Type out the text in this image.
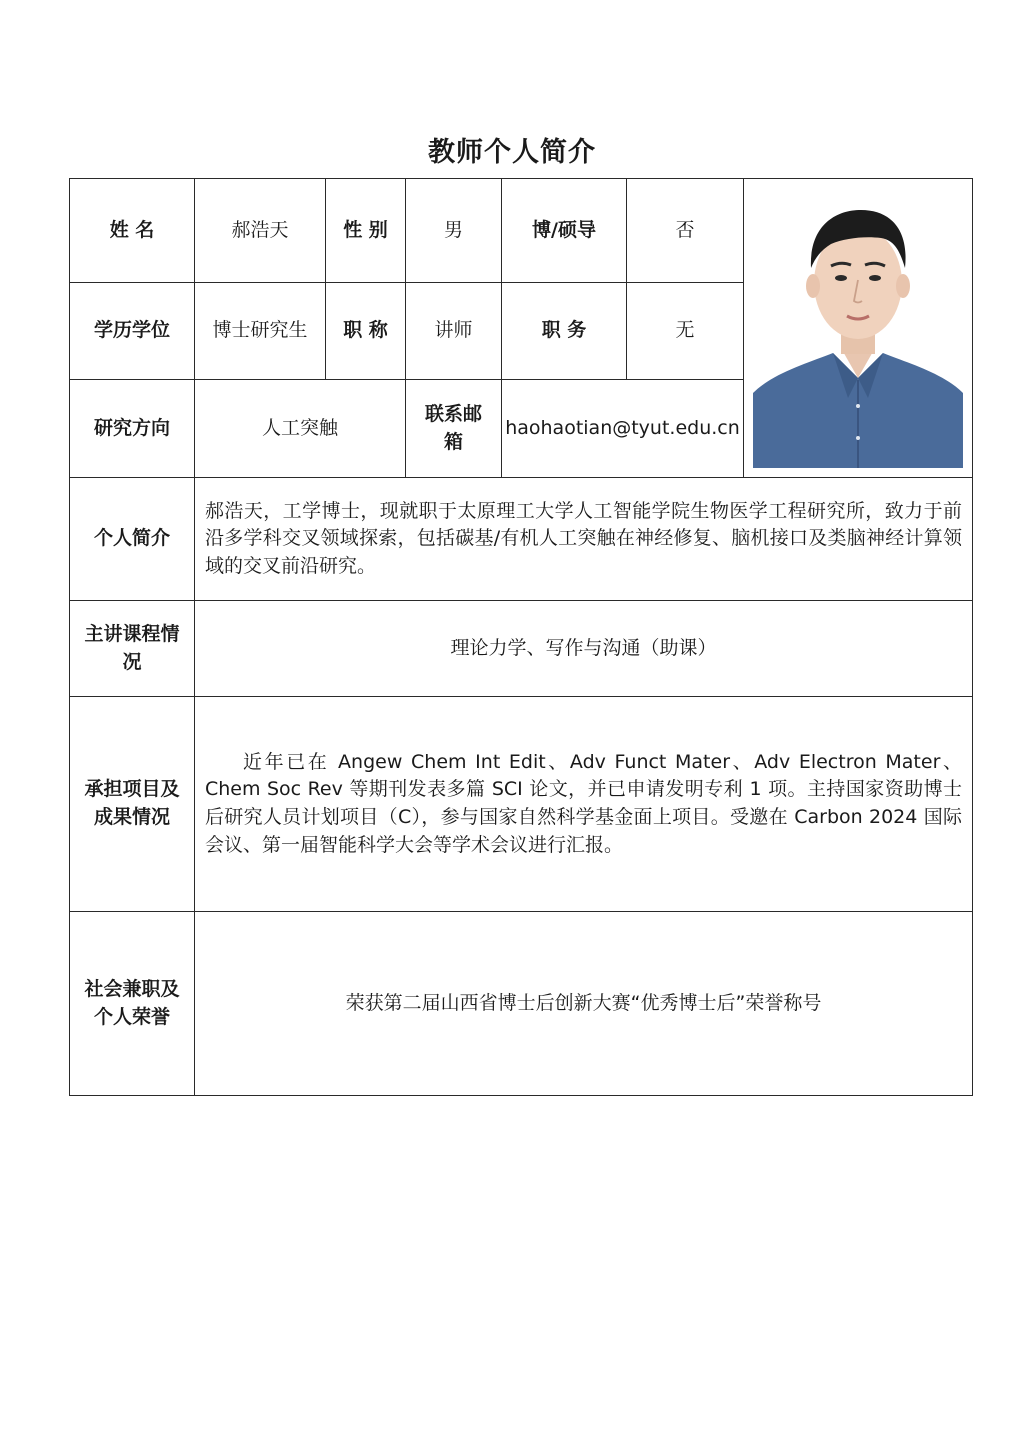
教师个人简介
姓 名	郝浩天	性 别	男	博/硕导	否	

学历学位	博士研究生	职 称	讲师	职 务	无	
研究方向	人工突触		联系邮箱	haohaotian@tyut.edu.cn		
个人简介	郝浩天，工学博士，现就职于太原理工大学人工智能学院生物医学工程研究所，致力于前沿多学科交叉领域探索，包括碳基/有机人工突触在神经修复、脑机接口及类脑神经计算领域的交叉前沿研究。					
主讲课程情况	理论力学、写作与沟通（助课）					
承担项目及成果情况	近年已在 Angew Chem Int Edit、Adv Funct Mater、Adv Electron Mater、Chem Soc Rev 等期刊发表多篇 SCI 论文，并已申请发明专利 1 项。主持国家资助博士后研究人员计划项目（C），参与国家自然科学基金面上项目。受邀在 Carbon 2024 国际会议、第一届智能科学大会等学术会议进行汇报。					

社会兼职及个人荣誉	荣获第二届山西省博士后创新大赛“优秀博士后”荣誉称号					
